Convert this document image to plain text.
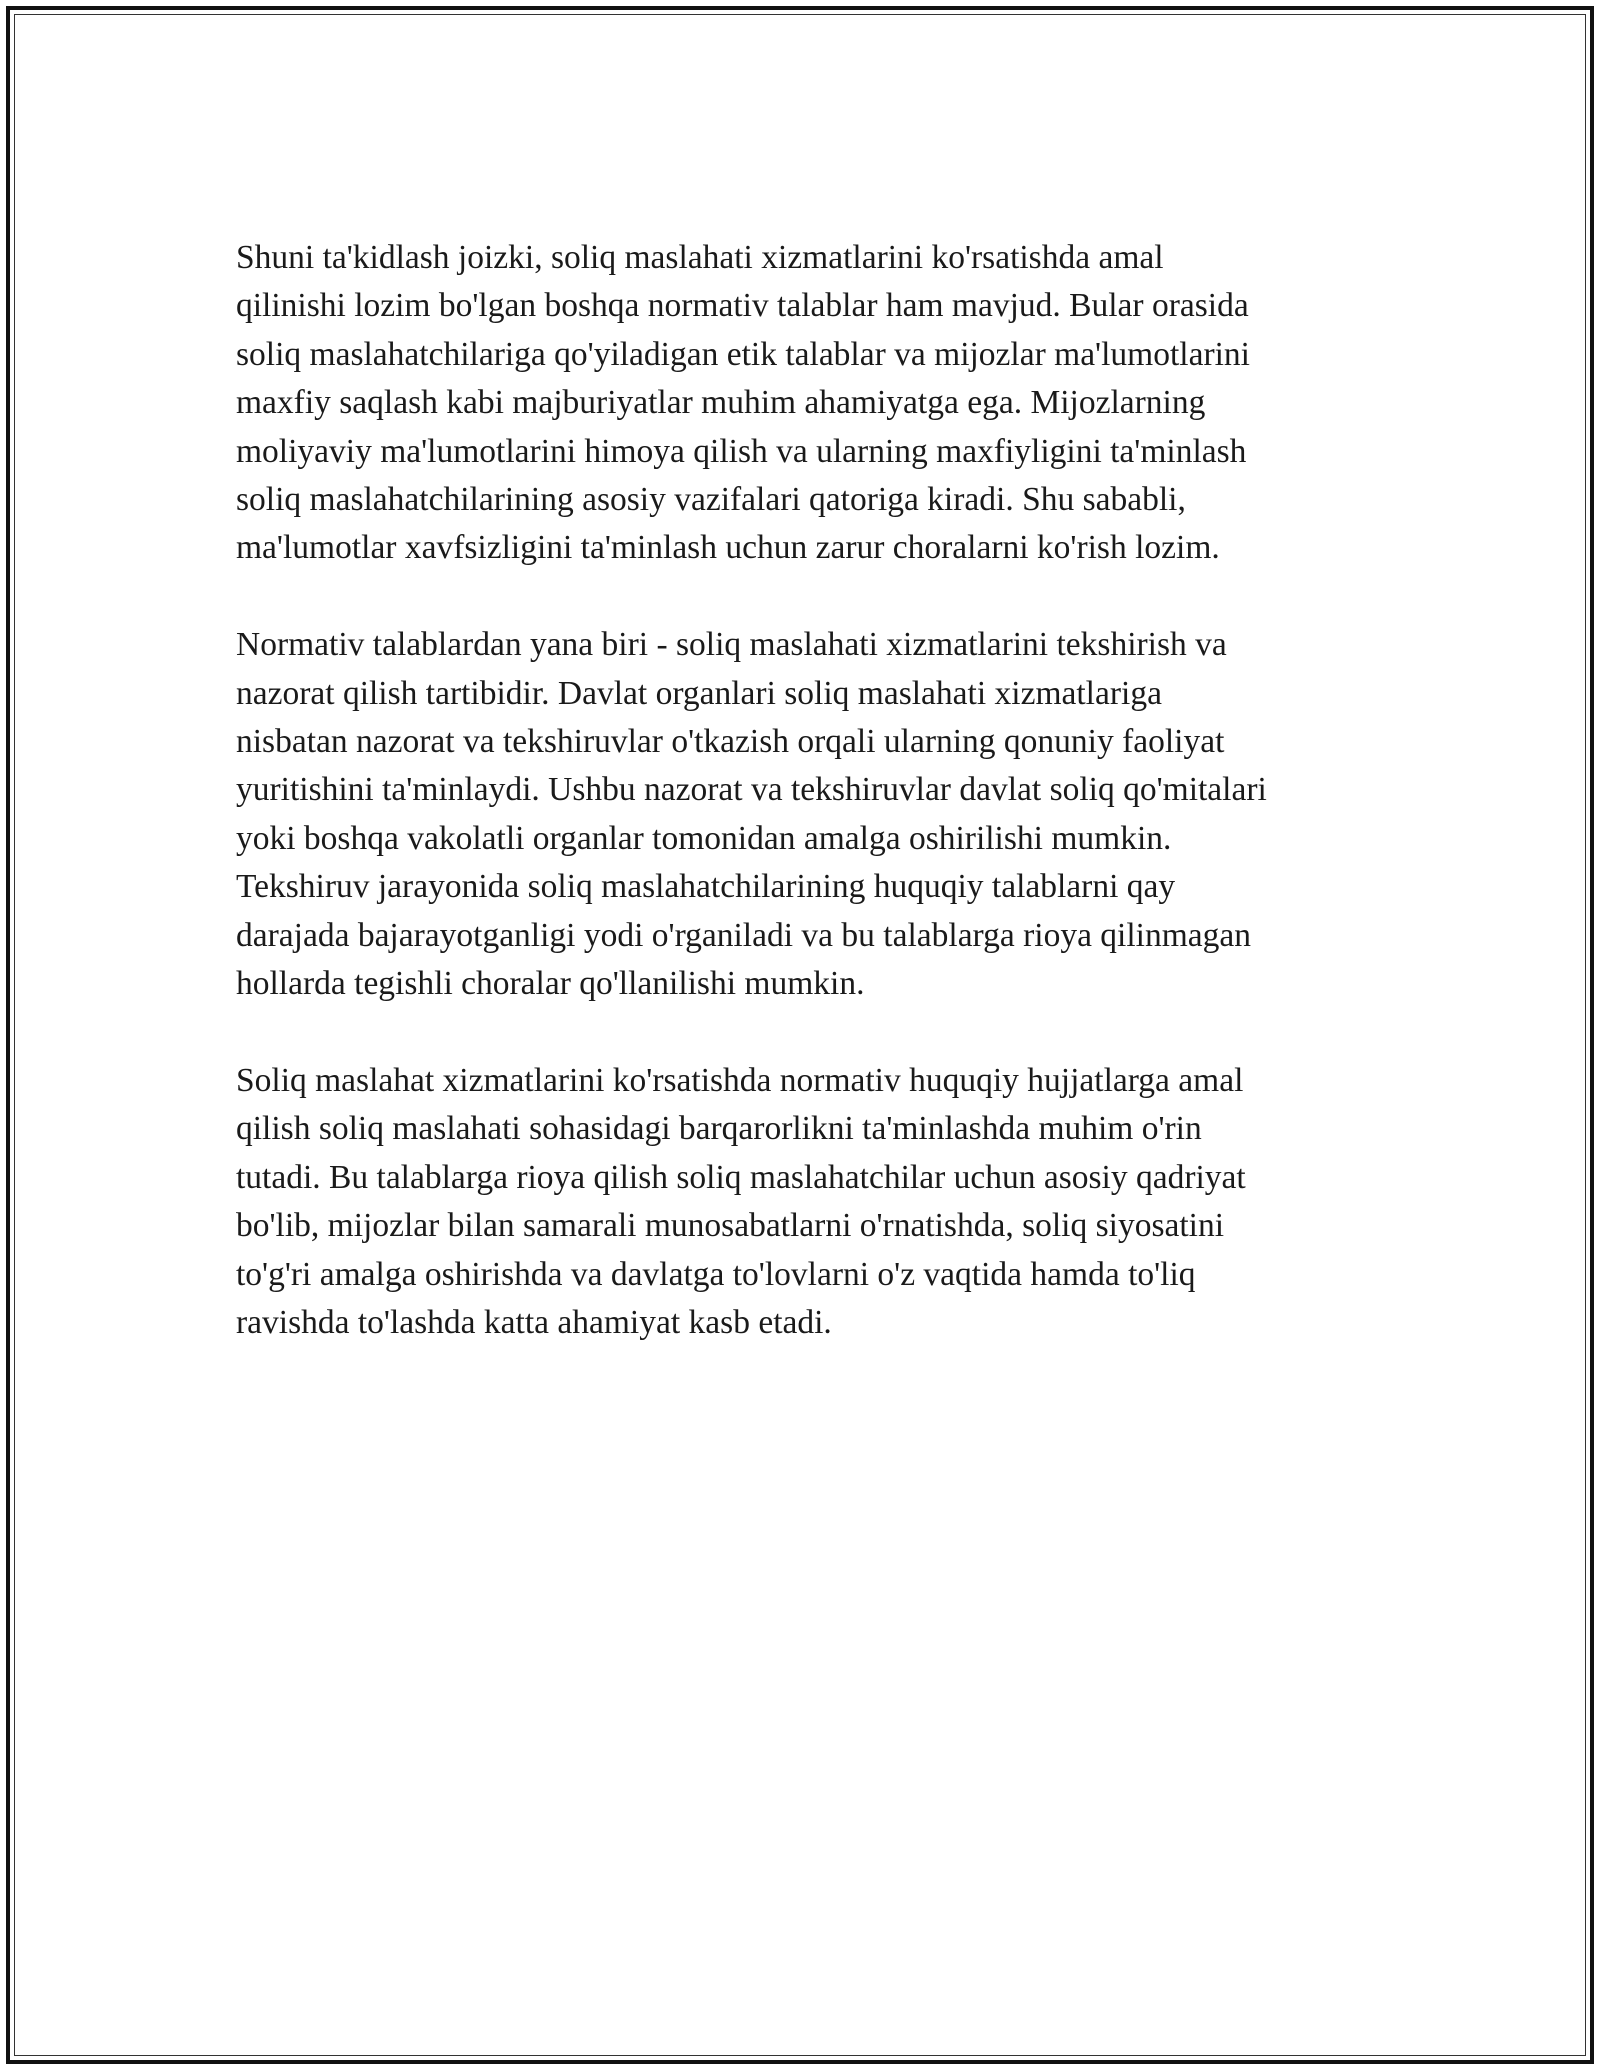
Shuni ta'kidlash joizki, soliq maslahati xizmatlarini ko'rsatishda amal
qilinishi lozim bo'lgan boshqa normativ talablar ham mavjud. Bular orasida
soliq maslahatchilariga qo'yiladigan etik talablar va mijozlar ma'lumotlarini
maxfiy saqlash kabi majburiyatlar muhim ahamiyatga ega. Mijozlarning
moliyaviy ma'lumotlarini himoya qilish va ularning maxfiyligini ta'minlash
soliq maslahatchilarining asosiy vazifalari qatoriga kiradi. Shu sababli,
ma'lumotlar xavfsizligini ta'minlash uchun zarur choralarni ko'rish lozim.

Normativ talablardan yana biri - soliq maslahati xizmatlarini tekshirish va
nazorat qilish tartibidir. Davlat organlari soliq maslahati xizmatlariga
nisbatan nazorat va tekshiruvlar o'tkazish orqali ularning qonuniy faoliyat
yuritishini ta'minlaydi. Ushbu nazorat va tekshiruvlar davlat soliq qo'mitalari
yoki boshqa vakolatli organlar tomonidan amalga oshirilishi mumkin.
Tekshiruv jarayonida soliq maslahatchilarining huquqiy talablarni qay
darajada bajarayotganligi yodi o'rganiladi va bu talablarga rioya qilinmagan
hollarda tegishli choralar qo'llanilishi mumkin.

Soliq maslahat xizmatlarini ko'rsatishda normativ huquqiy hujjatlarga amal
qilish soliq maslahati sohasidagi barqarorlikni ta'minlashda muhim o'rin
tutadi. Bu talablarga rioya qilish soliq maslahatchilar uchun asosiy qadriyat
bo'lib, mijozlar bilan samarali munosabatlarni o'rnatishda, soliq siyosatini
to'g'ri amalga oshirishda va davlatga to'lovlarni o'z vaqtida hamda to'liq
ravishda to'lashda katta ahamiyat kasb etadi.
